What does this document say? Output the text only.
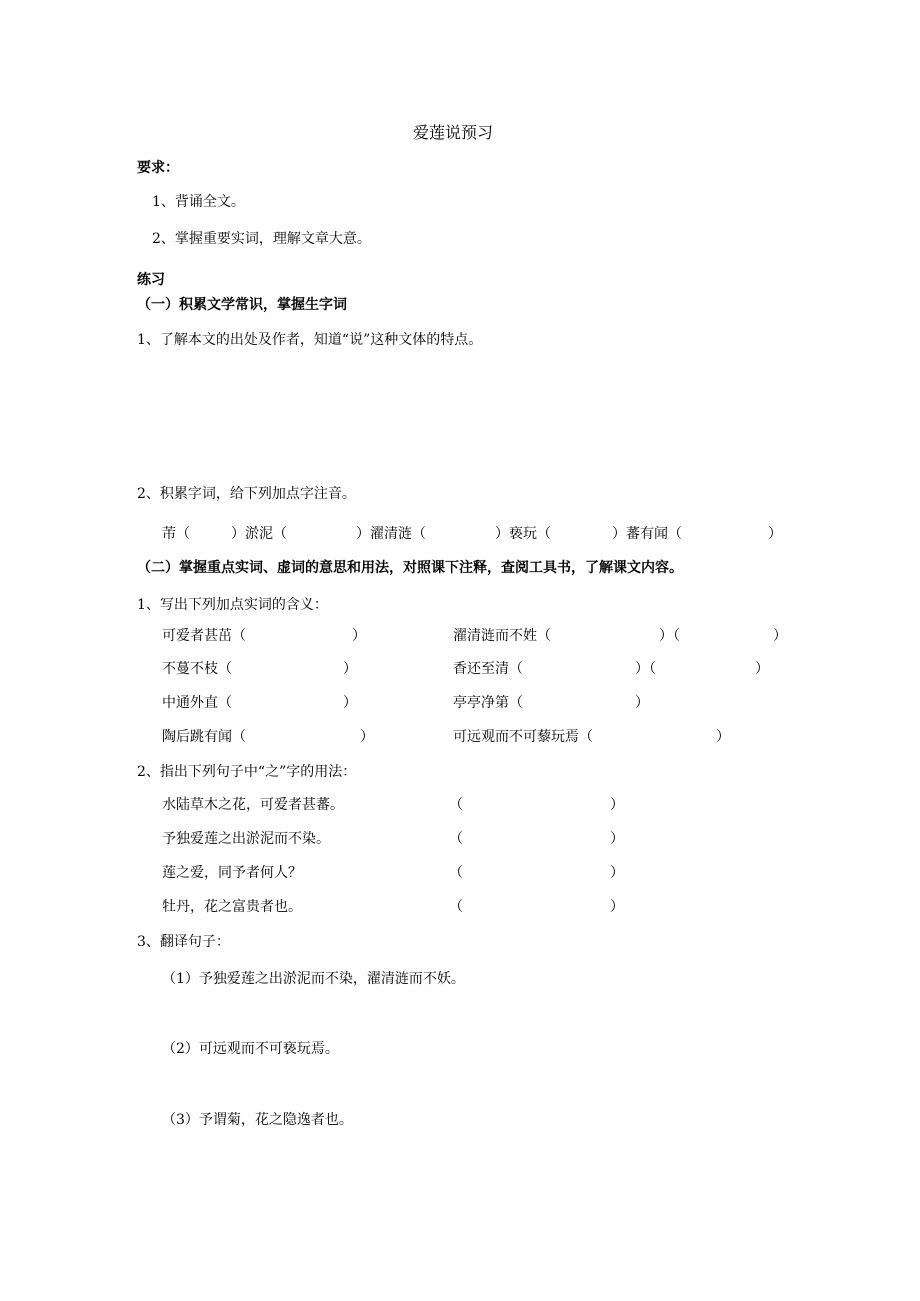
爱莲说预习
要求：
1、背诵全文。
2、掌握重要实词，理解文章大意。
练习
（一）积累文学常识，掌握生字词
1、了解本文的出处及作者，知道“说”这种文体的特点。
2、积累字词，给下列加点字注音。
芾（	）淤泥（	）濯清涟（	）亵玩（	）蕃有闻（	）
（二）掌握重点实词、虚词的意思和用法，对照课下注释，查阅工具书，了解课文内容。
1、写出下列加点实词的含义：
可爱者甚茁（	）	濯清涟而不姓（	）（	）
不蔓不枝（	）	香还至清（	）（	）
中通外直（	）	亭亭净第（	）
陶后跳有闻（	）	可远观而不可藜玩焉（	）
2、指出下列句子中“之”字的用法：
水陆草木之花，可爱者甚蕃。	（	）
予独爱莲之出淤泥而不染。	（	）
莲之爱，同予者何人？	（	）
牡丹，花之富贵者也。	（	）
3、翻译句子：
（1）予独爱莲之出淤泥而不染，濯清涟而不妖。
（2）可远观而不可亵玩焉。
（3）予谓菊，花之隐逸者也。
